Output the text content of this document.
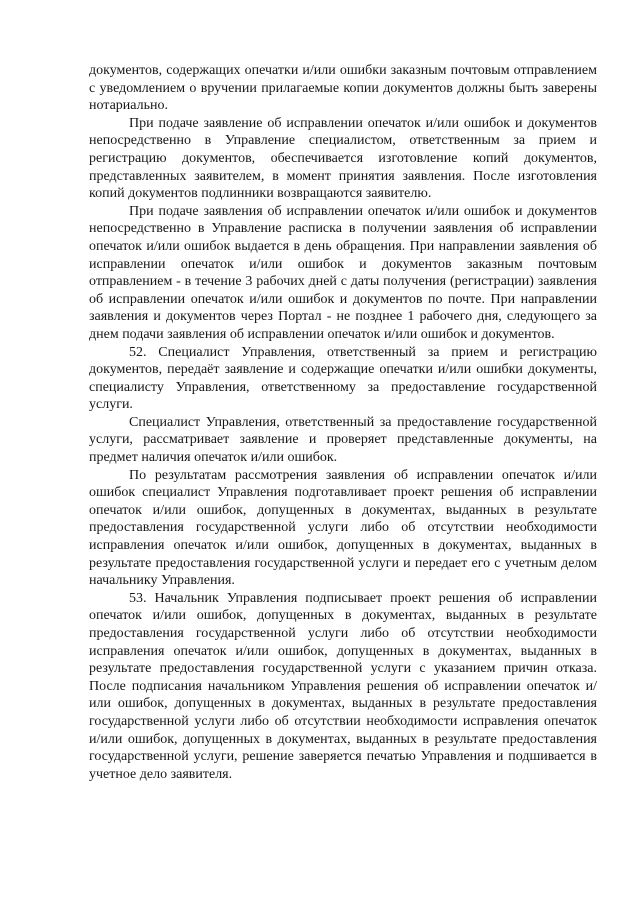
документов, содержащих опечатки и/или ошибки заказным почтовым отправлением с уведомлением о вручении прилагаемые копии документов должны быть заверены нотариально.

При подаче заявление об исправлении опечаток и/или ошибок и документов непосредственно в Управление специалистом, ответственным за прием и регистрацию документов, обеспечивается изготовление копий документов, представленных заявителем, в момент принятия заявления. После изготовления копий документов подлинники возвращаются заявителю.

При подаче заявления об исправлении опечаток и/или ошибок и документов непосредственно в Управление расписка в получении заявления об исправлении опечаток и/или ошибок выдается в день обращения. При направлении заявления об исправлении опечаток и/или ошибок и документов заказным почтовым отправлением - в течение 3 рабочих дней с даты получения (регистрации) заявления об исправлении опечаток и/или ошибок и документов по почте. При направлении заявления и документов через Портал - не позднее 1 рабочего дня, следующего за днем подачи заявления об исправлении опечаток и/или ошибок и документов.

52. Специалист Управления, ответственный за прием и регистрацию документов, передаёт заявление и содержащие опечатки и/или ошибки документы, специалисту Управления, ответственному за предоставление государственной услуги.

Специалист Управления, ответственный за предоставление государственной услуги, рассматривает заявление и проверяет представленные документы, на предмет наличия опечаток и/или ошибок.

По результатам рассмотрения заявления об исправлении опечаток и/или ошибок специалист Управления подготавливает проект решения об исправлении опечаток и/или ошибок, допущенных в документах, выданных в результате предоставления государственной услуги либо об отсутствии необходимости исправления опечаток и/или ошибок, допущенных в документах, выданных в результате предоставления государственной услуги и передает его с учетным делом начальнику Управления.

53. Начальник Управления подписывает проект решения об исправлении опечаток и/или ошибок, допущенных в документах, выданных в результате предоставления государственной услуги либо об отсутствии необходимости исправления опечаток и/или ошибок, допущенных в документах, выданных в результате предоставления государственной услуги с указанием причин отказа. После подписания начальником Управления решения об исправлении опечаток и/или ошибок, допущенных в документах, выданных в результате предоставления государственной услуги либо об отсутствии необходимости исправления опечаток и/или ошибок, допущенных в документах, выданных в результате предоставления государственной услуги, решение заверяется печатью Управления и подшивается в учетное дело заявителя.
